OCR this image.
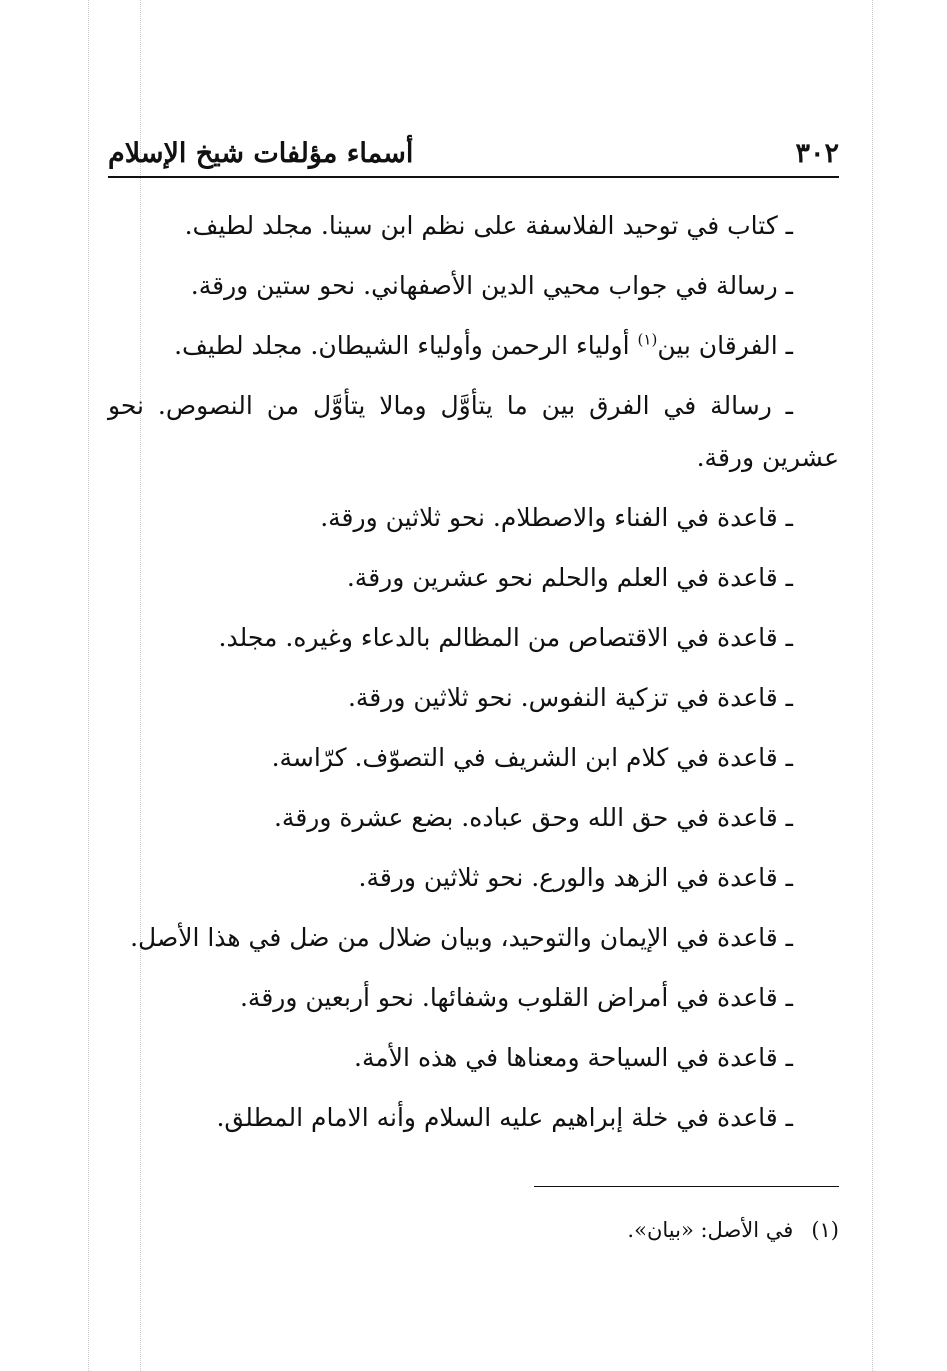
٣٠٢
أسماء مؤلفات شيخ الإسلام
ـ كتاب في توحيد الفلاسفة على نظم ابن سينا. مجلد لطيف.
ـ رسالة في جواب محيي الدين الأصفهاني. نحو ستين ورقة.
ـ الفرقان بين$^{(١)}$ أولياء الرحمن وأولياء الشيطان. مجلد لطيف.
ـ رسالة في الفرق بين ما يتأوَّل ومالا يتأوَّل من النصوص. نحو عشرين ورقة.
ـ قاعدة في الفناء والاصطلام. نحو ثلاثين ورقة.
ـ قاعدة في العلم والحلم نحو عشرين ورقة.
ـ قاعدة في الاقتصاص من المظالم بالدعاء وغيره. مجلد.
ـ قاعدة في تزكية النفوس. نحو ثلاثين ورقة.
ـ قاعدة في كلام ابن الشريف في التصوّف. كرّاسة.
ـ قاعدة في حق الله وحق عباده. بضع عشرة ورقة.
ـ قاعدة في الزهد والورع. نحو ثلاثين ورقة.
ـ قاعدة في الإيمان والتوحيد، وبيان ضلال من ضل في هذا الأصل.
ـ قاعدة في أمراض القلوب وشفائها. نحو أربعين ورقة.
ـ قاعدة في السياحة ومعناها في هذه الأمة.
ـ قاعدة في خلة إبراهيم عليه السلام وأنه الامام المطلق.
(١)في الأصل: «بيان».
